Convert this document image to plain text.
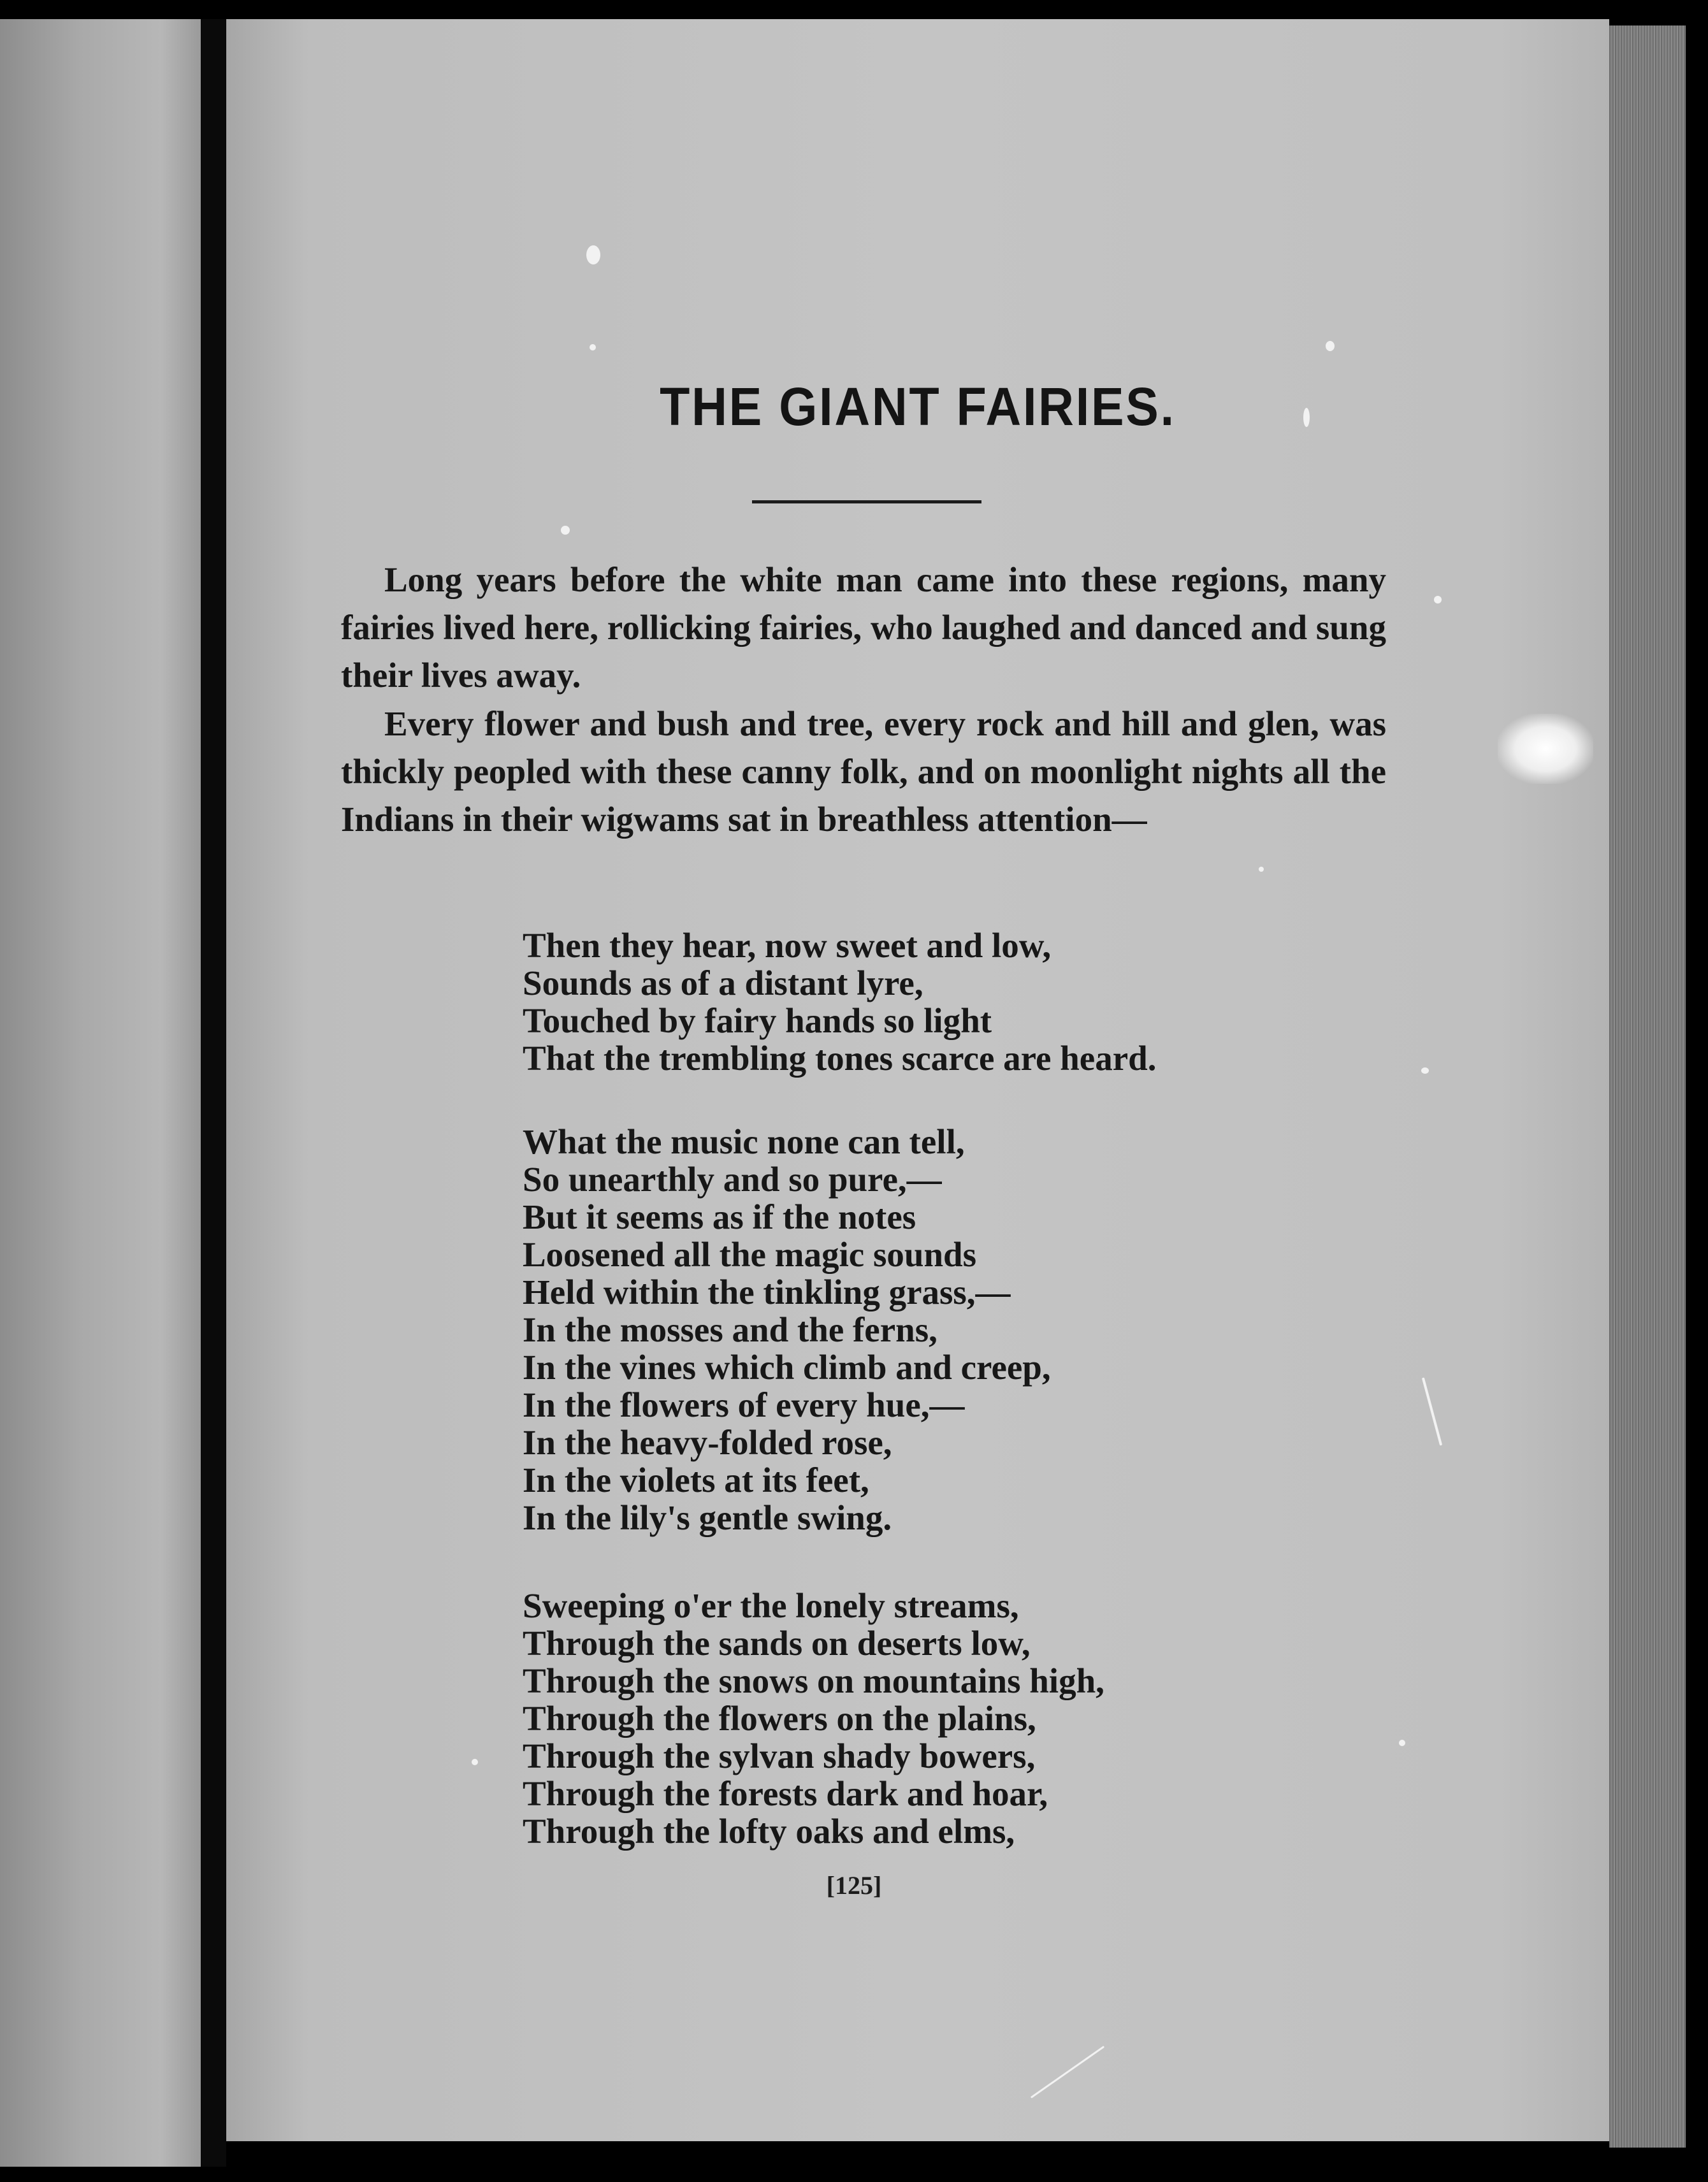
THE GIANT FAIRIES.

Long years before the white man came into these regions, many fairies lived here, rollicking fairies, who laughed and danced and sung their lives away.

Every flower and bush and tree, every rock and hill and glen, was thickly peopled with these canny folk, and on moonlight nights all the Indians in their wigwams sat in breathless attention—

Then they hear, now sweet and low,
Sounds as of a distant lyre,
Touched by fairy hands so light
That the trembling tones scarce are heard.
What the music none can tell,
So unearthly and so pure,—
But it seems as if the notes
Loosened all the magic sounds
Held within the tinkling grass,—
In the mosses and the ferns,
In the vines which climb and creep,
In the flowers of every hue,—
In the heavy-folded rose,
In the violets at its feet,
In the lily's gentle swing.
Sweeping o'er the lonely streams,
Through the sands on deserts low,
Through the snows on mountains high,
Through the flowers on the plains,
Through the sylvan shady bowers,
Through the forests dark and hoar,
Through the lofty oaks and elms,
[125]
